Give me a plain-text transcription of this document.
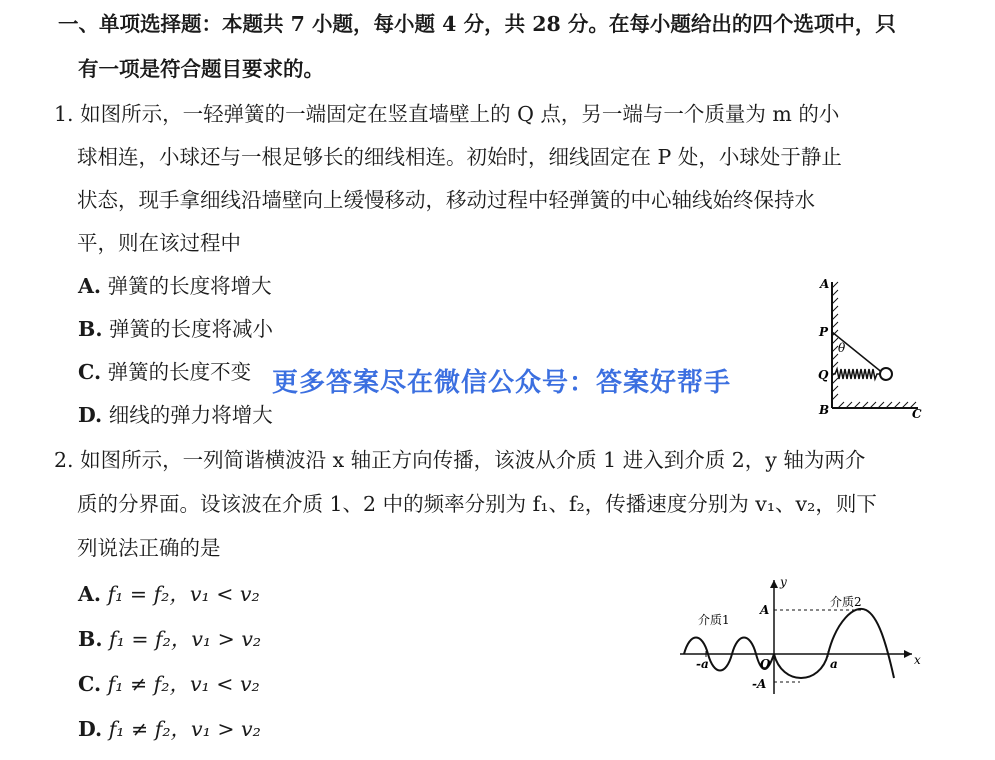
一、单项选择题：本题共 7 小题，每小题 4 分，共 28 分。在每小题给出的四个选项中，只
有一项是符合题目要求的。
1. 如图所示，一轻弹簧的一端固定在竖直墙壁上的 Q 点，另一端与一个质量为 m 的小
球相连，小球还与一根足够长的细线相连。初始时，细线固定在 P 处，小球处于静止
状态，现手拿细线沿墙壁向上缓慢移动，移动过程中轻弹簧的中心轴线始终保持水
平，则在该过程中
A. 弹簧的长度将增大
B. 弹簧的长度将减小
C. 弹簧的长度不变
D. 细线的弹力将增大
A
P
θ
Q
B	C
更多答案尽在微信公众号：答案好帮手
2. 如图所示，一列简谐横波沿 x 轴正方向传播，该波从介质 1 进入到介质 2，y 轴为两介
质的分界面。设该波在介质 1、2 中的频率分别为 f₁、f₂，传播速度分别为 v₁、v₂，则下
列说法正确的是
A. f₁ = f₂，v₁ < v₂
B. f₁ = f₂，v₁ > v₂
C. f₁ ≠ f₂，v₁ < v₂
D. f₁ ≠ f₂，v₁ > v₂
y
x
A
-A
O	a
-a
介质1
介质2
